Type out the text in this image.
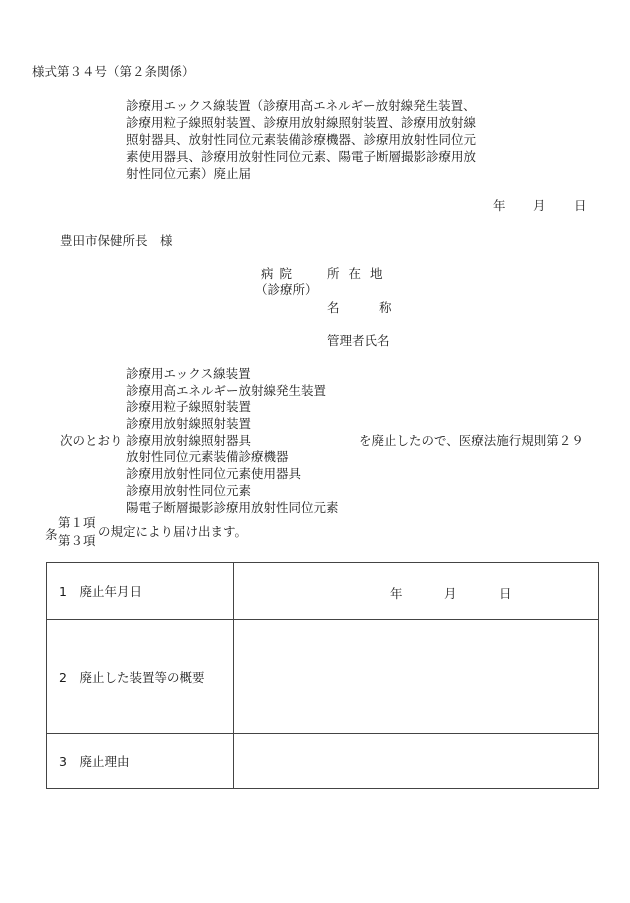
様式第３４号（第２条関係）
診療用エックス線装置（診療用高エネルギー放射線発生装置、
診療用粒子線照射装置、診療用放射線照射装置、診療用放射線
照射器具、放射性同位元素装備診療機器、診療用放射性同位元
素使用器具、診療用放射性同位元素、陽電子断層撮影診療用放
射性同位元素）廃止届
年 月 日
豊田市保健所長　様
病院
（診療所）
所在地
名	称
管理者氏名
診療用エックス線装置
診療用高エネルギー放射線発生装置
診療用粒子線照射装置
診療用放射線照射装置
診療用放射線照射器具
放射性同位元素装備診療機器
診療用放射性同位元素使用器具
診療用放射性同位元素
陽電子断層撮影診療用放射性同位元素
次のとおり	を廃止したので、医療法施行規則第２９
条
第１項
第３項
の規定により届け出ます。
1　廃止年月日	年 月 日

2　廃止した装置等の概要	
3　廃止理由	
